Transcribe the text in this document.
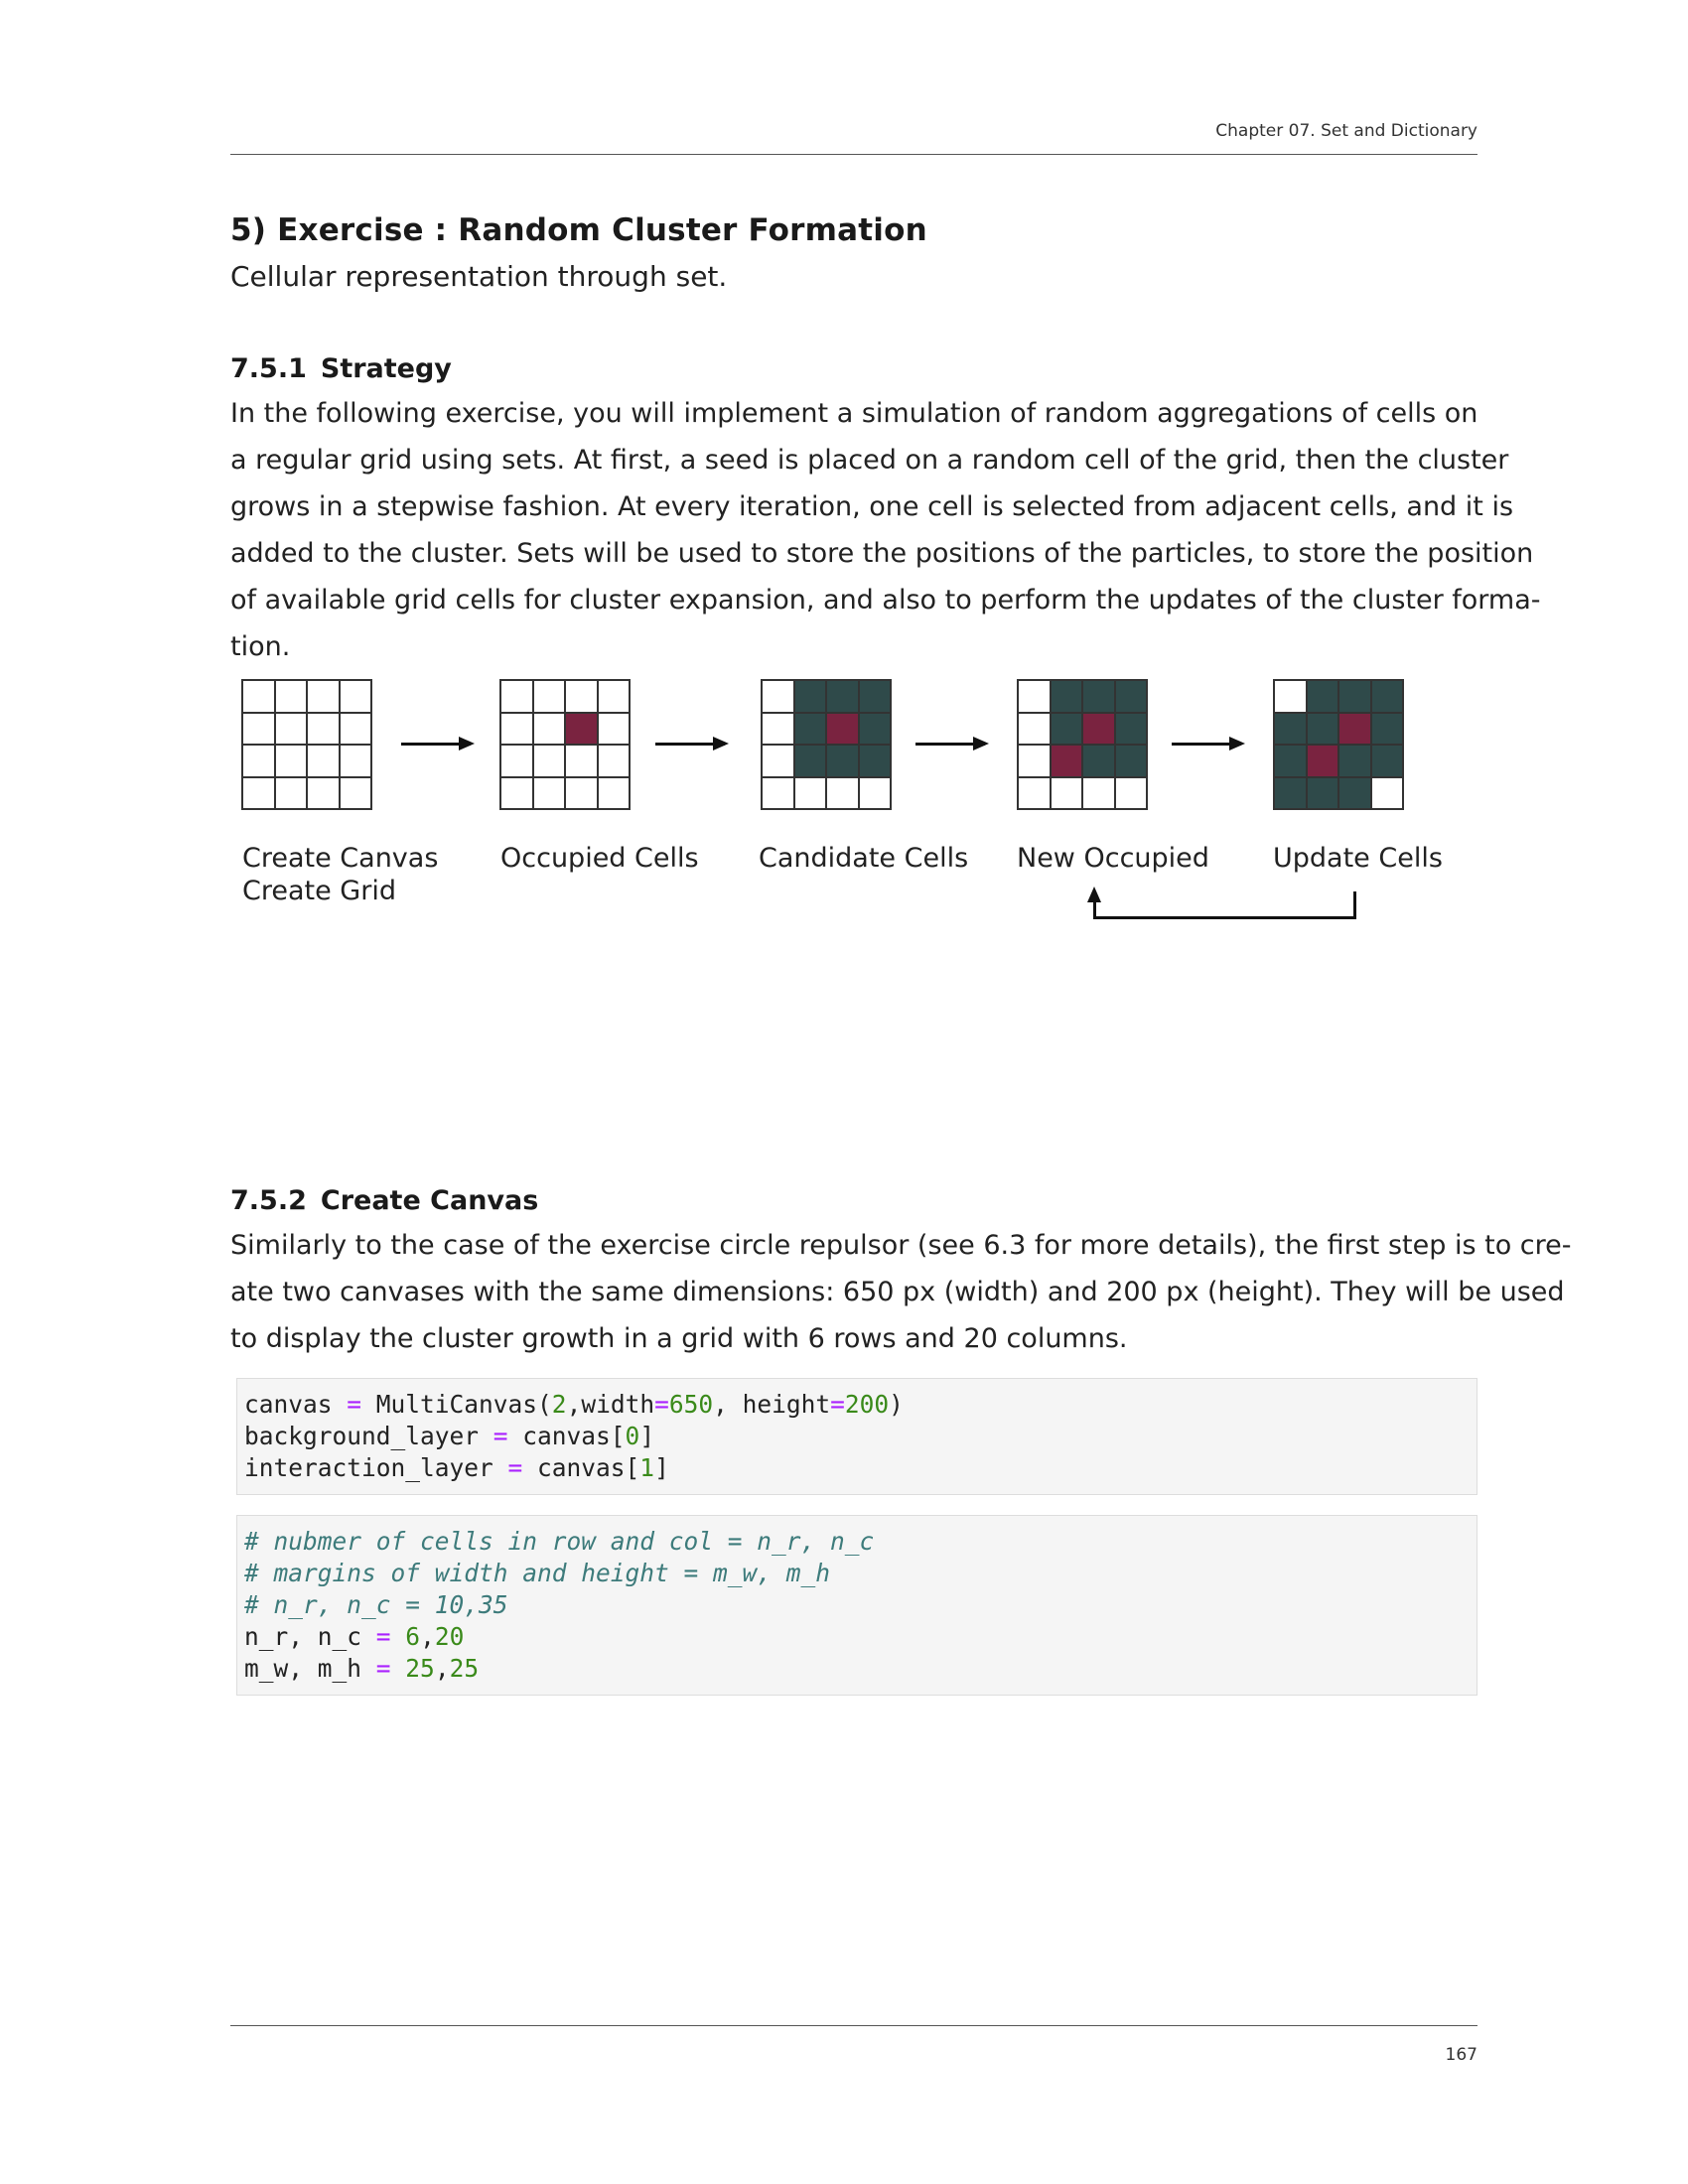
Chapter 07. Set and Dictionary
5) Exercise : Random Cluster Formation
Cellular representation through set.
7.5.1 Strategy
In the following exercise, you will implement a simulation of random aggregations of cells on
a regular grid using sets. At first, a seed is placed on a random cell of the grid, then the cluster
grows in a stepwise fashion. At every iteration, one cell is selected from adjacent cells, and it is
added to the cluster. Sets will be used to store the positions of the particles, to store the position
of available grid cells for cluster expansion, and also to perform the updates of the cluster forma-
tion.
Create Canvas
Create Grid
Occupied Cells Candidate Cells New Occupied Update Cells
7.5.2 Create Canvas
Similarly to the case of the exercise circle repulsor (see 6.3 for more details), the first step is to cre-
ate two canvases with the same dimensions: 650 px (width) and 200 px (height). They will be used
to display the cluster growth in a grid with 6 rows and 20 columns.
canvas = MultiCanvas(2,width=650, height=200)
background_layer = canvas[0]
interaction_layer = canvas[1]
# nubmer of cells in row and col = n_r, n_c
# margins of width and height = m_w, m_h
# n_r, n_c = 10,35
n_r, n_c = 6,20
m_w, m_h = 25,25
167
